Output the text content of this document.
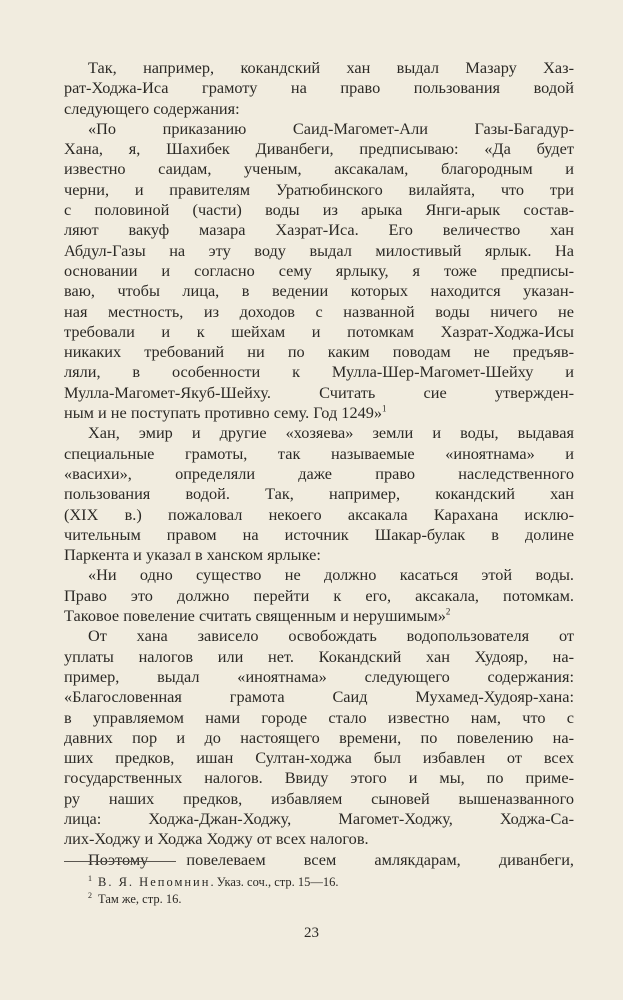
Так, например, кокандский хан выдал Мазару Хаз-
рат-Ходжа-Иса грамоту на право пользования водой
следующего содержания:
«По приказанию Саид-Магомет-Али Газы-Багадур-
Хана, я, Шахибек Диванбеги, предписываю: «Да будет
известно саидам, ученым, аксакалам, благородным и
черни, и правителям Уратюбинского вилайята, что три
с половиной (части) воды из арыка Янги-арык состав-
ляют вакуф мазара Хазрат-Иса. Его величество хан
Абдул-Газы на эту воду выдал милостивый ярлык. На
основании и согласно сему ярлыку, я тоже предписы-
ваю, чтобы лица, в ведении которых находится указан-
ная местность, из доходов с названной воды ничего не
требовали и к шейхам и потомкам Хазрат-Ходжа-Исы
никаких требований ни по каким поводам не предъяв-
ляли, в особенности к Мулла-Шер-Магомет-Шейху и
Мулла-Магомет-Якуб-Шейху. Считать сие утвержден-
ным и не поступать противно сему. Год 1249»$^1$
Хан, эмир и другие «хозяева» земли и воды, выдавая
специальные грамоты, так называемые «иноятнама» и
«васихи», определяли даже право наследственного
пользования водой. Так, например, кокандский хан
(XIX в.) пожаловал некоего аксакала Карахана исклю-
чительным правом на источник Шакар-булак в долине
Паркента и указал в ханском ярлыке:
«Ни одно существо не должно касаться этой воды.
Право это должно перейти к его, аксакала, потомкам.
Таковое повеление считать священным и нерушимым»$^2$
От хана зависело освобождать водопользователя от
уплаты налогов или нет. Кокандский хан Худояр, на-
пример, выдал «иноятнама» следующего содержания:
«Благословенная грамота Саид Мухамед-Худояр-хана:
в управляемом нами городе стало известно нам, что с
давних пор и до настоящего времени, по повелению на-
ших предков, ишан Султан-ходжа был избавлен от всех
государственных налогов. Ввиду этого и мы, по приме-
ру наших предков, избавляем сыновей вышеназванного
лица: Ходжа-Джан-Ходжу, Магомет-Ходжу, Ходжа-Са-
лих-Ходжу и Ходжа Ходжу от всех налогов.
Поэтому повелеваем всем амлякдарам, диванбеги,
$^1$ В. Я. Непомнин. Указ. соч., стр. 15—16.
$^2$ Там же, стр. 16.
23
